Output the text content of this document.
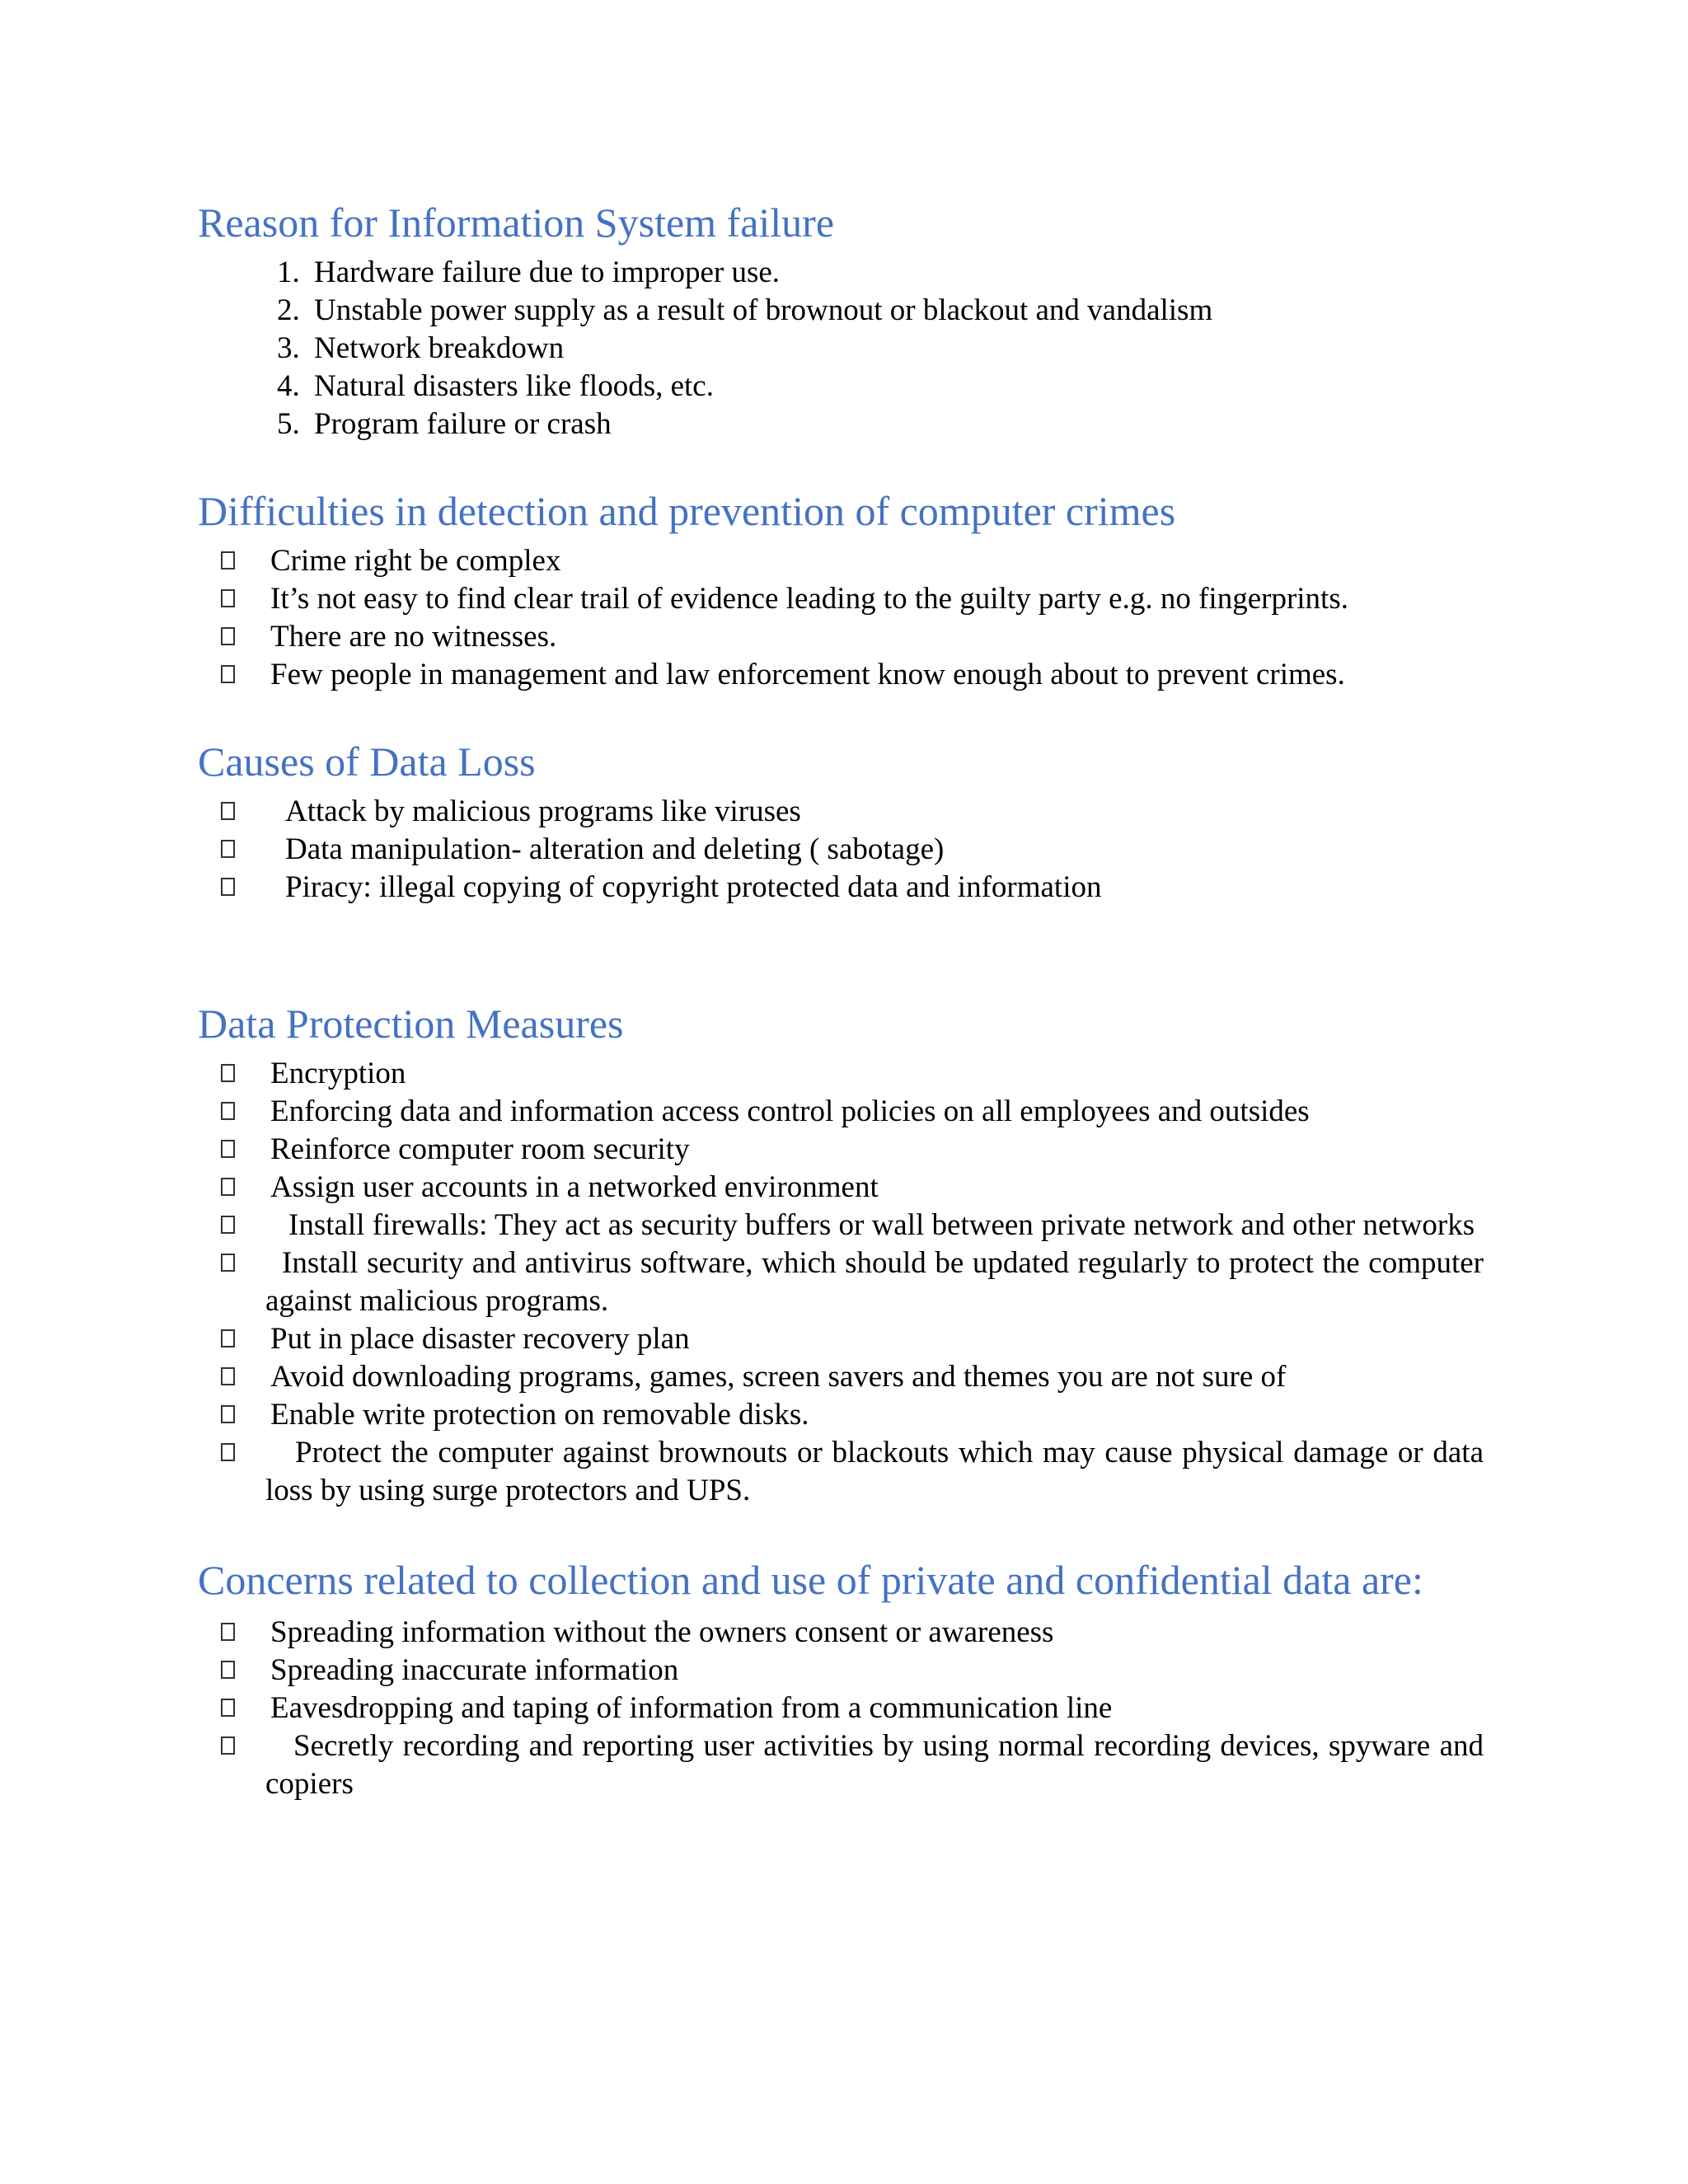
Reason for Information System failure
1. Hardware failure due to improper use.
2. Unstable power supply as a result of brownout or blackout and vandalism
3. Network breakdown
4. Natural disasters like floods, etc.
5. Program failure or crash
Difficulties in detection and prevention of computer crimes
Crime right be complex
It’s not easy to find clear trail of evidence leading to the guilty party e.g. no fingerprints.
There are no witnesses.
Few people in management and law enforcement know enough about to prevent crimes.
Causes of Data Loss
Attack by malicious programs like viruses
Data manipulation- alteration and deleting ( sabotage)
Piracy: illegal copying of copyright protected data and information
Data Protection Measures
Encryption
Enforcing data and information access control policies on all employees and outsides
Reinforce computer room security
Assign user accounts in a networked environment
Install firewalls: They act as security buffers or wall between private network and other networks
Install security and antivirus software, which should be updated regularly to protect the computer against malicious programs.
Put in place disaster recovery plan
Avoid downloading programs, games, screen savers and themes you are not sure of
Enable write protection on removable disks.
Protect the computer against brownouts or blackouts which may cause physical damage or data loss by using surge protectors and UPS.
Concerns related to collection and use of private and confidential data are:
Spreading information without the owners consent or awareness
Spreading inaccurate information
Eavesdropping and taping of information from a communication line
Secretly recording and reporting user activities by using normal recording devices, spyware and copiers
